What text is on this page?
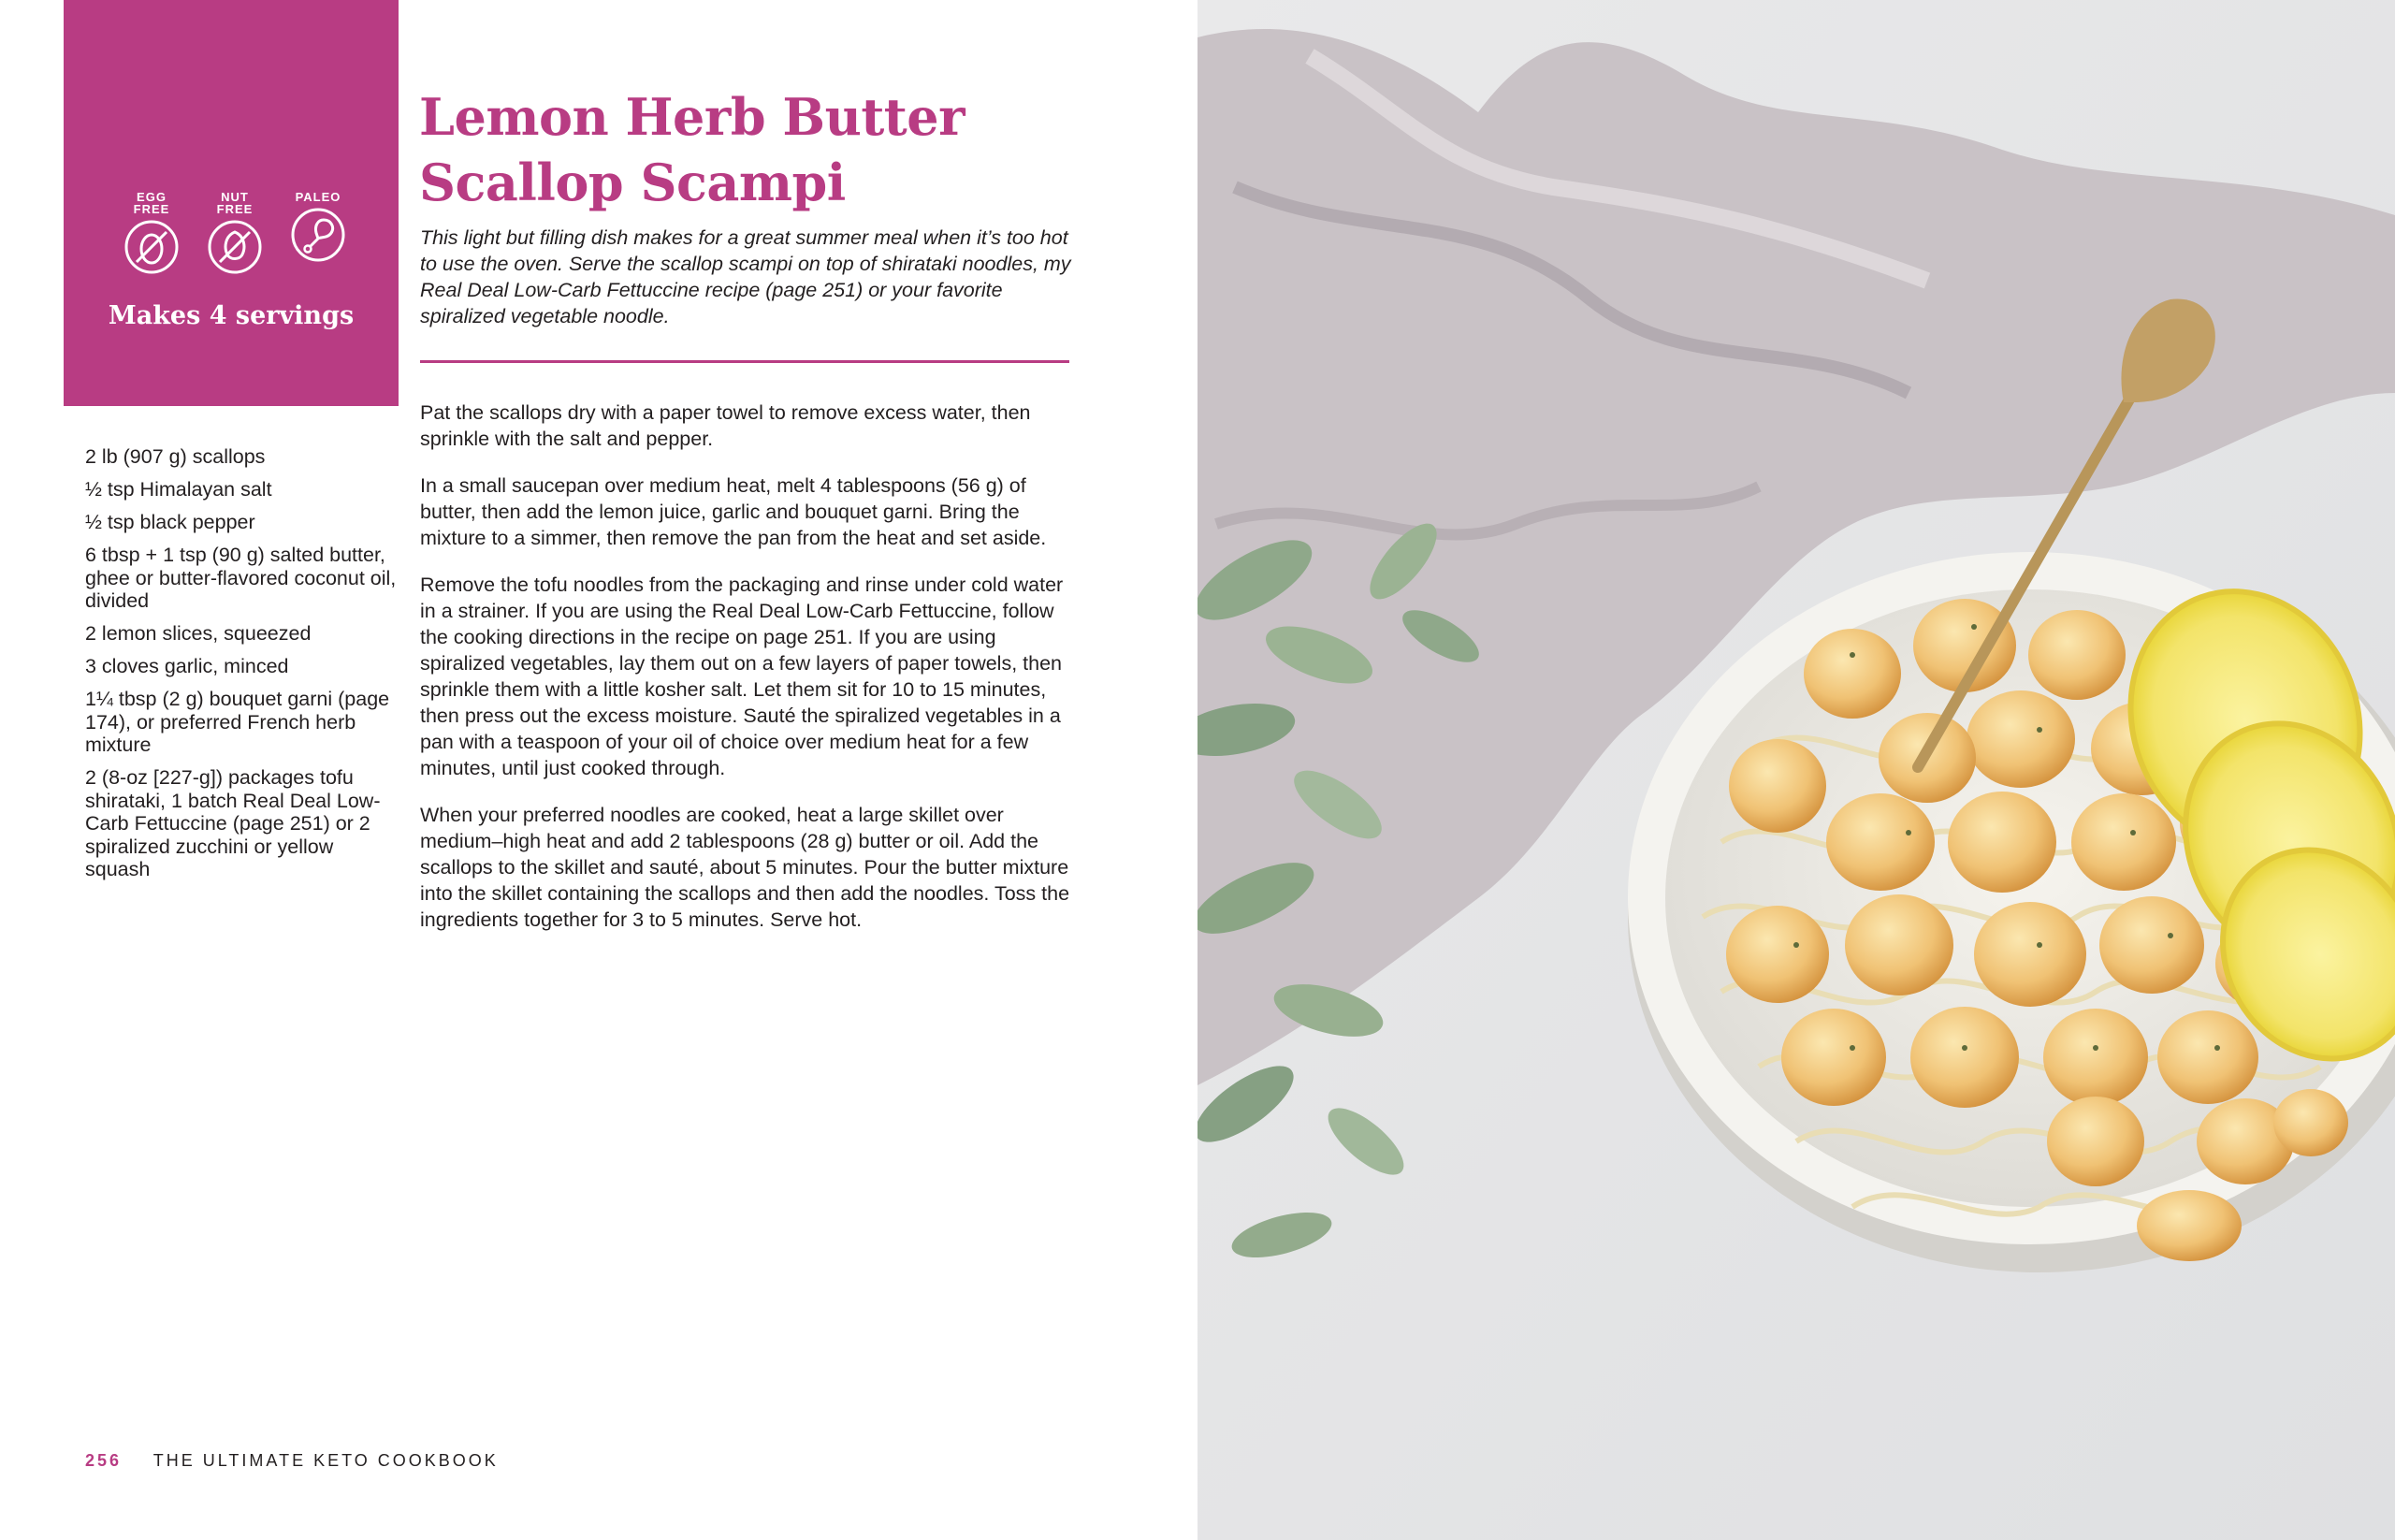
EGG FREE
NUT FREE
PALEO
Makes 4 servings
Lemon Herb Butter
Scallop Scampi

This light but filling dish makes for a great summer meal when it’s too hot to use the oven. Serve the scallop scampi on top of shirataki noodles, my Real Deal Low-Carb Fettuccine recipe (page 251) or your favorite spiralized vegetable noodle.

2 lb (907 g) scallops
½ tsp Himalayan salt
½ tsp black pepper
6 tbsp + 1 tsp (90 g) salted butter, ghee or butter-flavored coconut oil, divided
2 lemon slices, squeezed
3 cloves garlic, minced
1¼ tbsp (2 g) bouquet garni (page 174), or preferred French herb mixture
2 (8-oz [227-g]) packages tofu shirataki, 1 batch Real Deal Low-Carb Fettuccine (page 251) or 2 spiralized zucchini or yellow squash

Pat the scallops dry with a paper towel to remove excess water, then sprinkle with the salt and pepper.

In a small saucepan over medium heat, melt 4 tablespoons (56 g) of butter, then add the lemon juice, garlic and bouquet garni. Bring the mixture to a simmer, then remove the pan from the heat and set aside.

Remove the tofu noodles from the packaging and rinse under cold water in a strainer. If you are using the Real Deal Low-Carb Fettuccine, follow the cooking directions in the recipe on page 251. If you are using spiralized vegetables, lay them out on a few layers of paper towels, then sprinkle them with a little kosher salt. Let them sit for 10 to 15 minutes, then press out the excess moisture. Sauté the spiralized vegetables in a pan with a teaspoon of your oil of choice over medium heat for a few minutes, until just cooked through.

When your preferred noodles are cooked, heat a large skillet over medium–high heat and add 2 tablespoons (28 g) butter or oil. Add the scallops to the skillet and sauté, about 5 minutes. Pour the butter mixture into the skillet containing the scallops and then add the noodles. Toss the ingredients together for 3 to 5 minutes. Serve hot.

256 THE ULTIMATE KETO COOKBOOK
